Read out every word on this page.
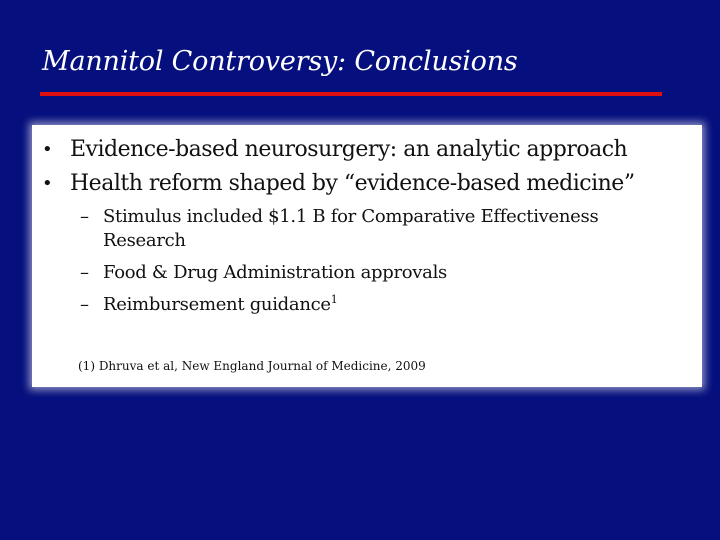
Mannitol Controversy: Conclusions
• Evidence-based neurosurgery: an analytic approach
• Health reform shaped by “evidence-based medicine”
– Stimulus included $1.1 B for Comparative Effectiveness Research
– Food & Drug Administration approvals
– Reimbursement guidance$^1$
(1) Dhruva et al, New England Journal of Medicine, 2009
